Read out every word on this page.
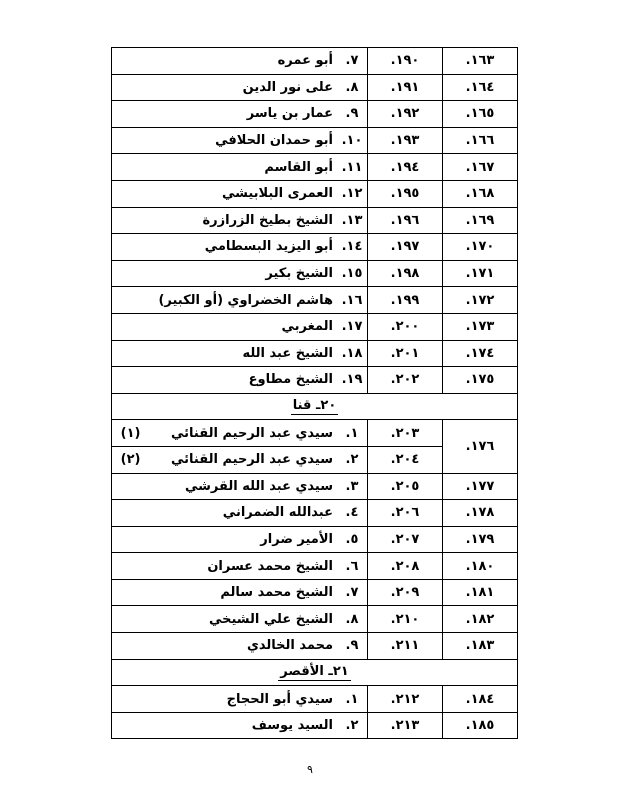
١٦٣.	١٩٠.	٧.	أبو عمره
١٦٤.	١٩١.	٨.	على نور الدين
١٦٥.	١٩٢.	٩.	عمار بن ياسر
١٦٦.	١٩٣.	١٠.	أبو حمدان الحلافي
١٦٧.	١٩٤.	١١.	أبو القاسم
١٦٨.	١٩٥.	١٢.	العمرى البلابيشي
١٦٩.	١٩٦.	١٣.	الشيخ بطيخ الزرازرة
١٧٠.	١٩٧.	١٤.	أبو اليزيد البسطامي
١٧١.	١٩٨.	١٥.	الشيخ بكير
١٧٢.	١٩٩.	١٦.	هاشم الخضراوي (أو الكبير)
١٧٣.	٢٠٠.	١٧.	المغربي
١٧٤.	٢٠١.	١٨.	الشيخ عبد الله
١٧٥.	٢٠٢.	١٩.	الشيخ مطاوع
٢٠ـ قنا			
١٧٦.	٢٠٣.	١.	سيدي عبد الرحيم القنائي (١)
	٢٠٤.	٢.	سيدي عبد الرحيم القنائي (٢)
١٧٧.	٢٠٥.	٣.	سيدي عبد الله القرشي
١٧٨.	٢٠٦.	٤.	عبدالله الضمراني
١٧٩.	٢٠٧.	٥.	الأمير ضرار
١٨٠.	٢٠٨.	٦.	الشيخ محمد عسران
١٨١.	٢٠٩.	٧.	الشيخ محمد سالم
١٨٢.	٢١٠.	٨.	الشيخ علي الشيخي
١٨٣.	٢١١.	٩.	محمد الخالدي
٢١ـ الأقصر			
١٨٤.	٢١٢.	١.	سيدي أبو الحجاج
١٨٥.	٢١٣.	٢.	السيد يوسف
٩
